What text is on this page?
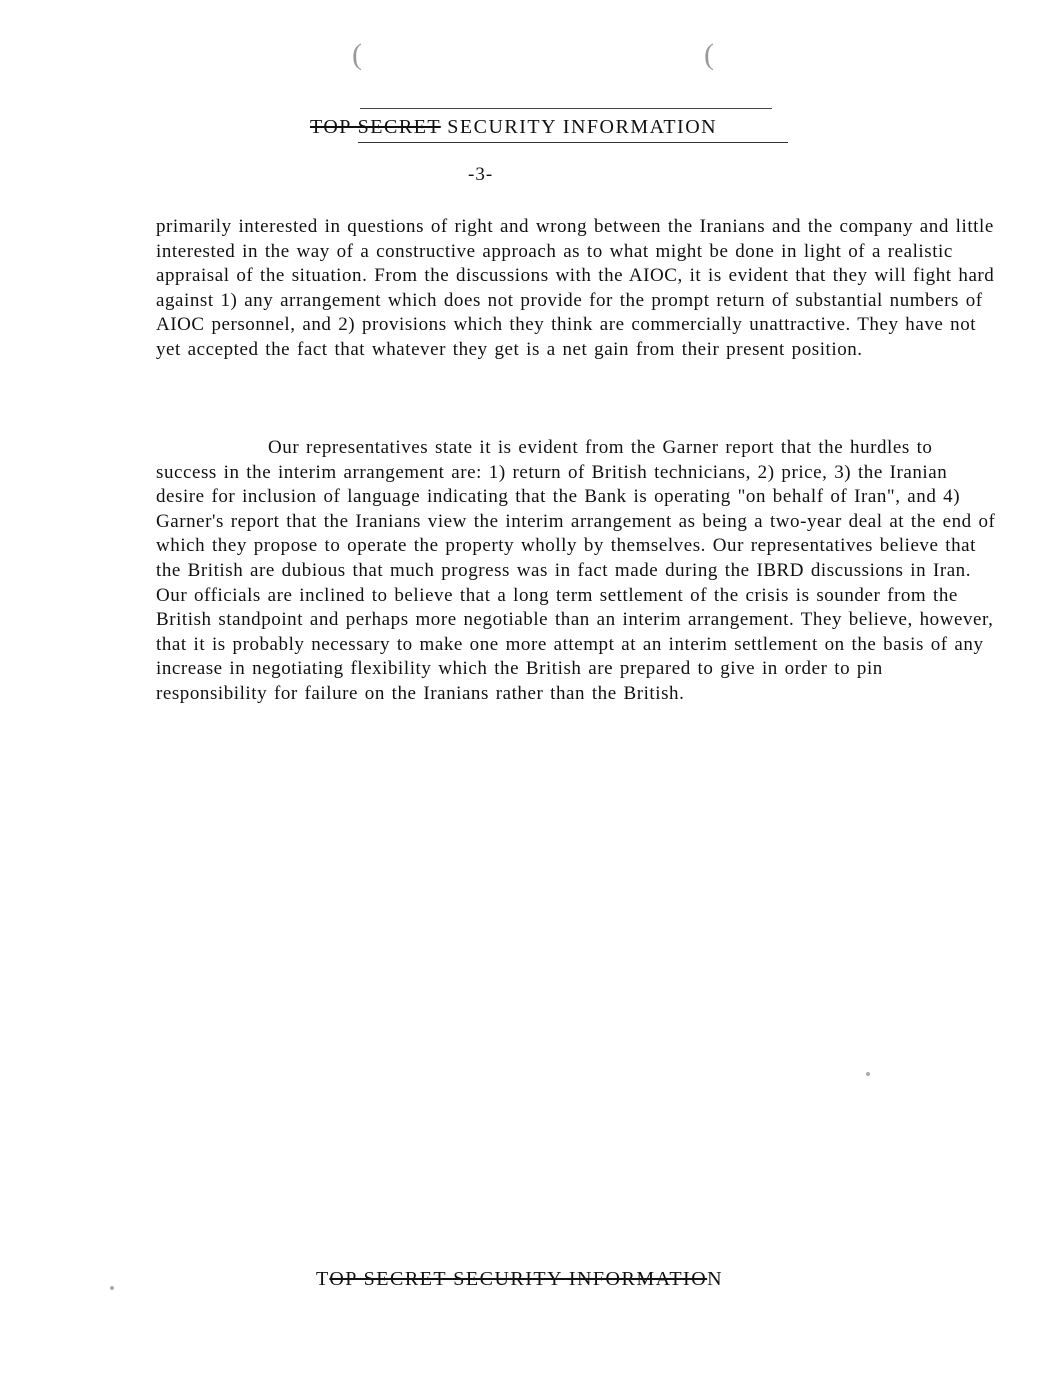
(	(
TOP SECRET SECURITY INFORMATION
-3-
primarily interested in questions of right and wrong between the Iranians and the company and little interested in the way of a constructive approach as to what might be done in light of a realistic appraisal of the situation. From the discussions with the AIOC, it is evident that they will fight hard against 1) any arrangement which does not provide for the prompt return of substantial numbers of AIOC personnel, and 2) provisions which they think are commercially unattractive. They have not yet accepted the fact that whatever they get is a net gain from their present position.
Our representatives state it is evident from the Garner report that the hurdles to success in the interim arrangement are: 1) return of British technicians, 2) price, 3) the Iranian desire for inclusion of language indicating that the Bank is operating "on behalf of Iran", and 4) Garner's report that the Iranians view the interim arrangement as being a two-year deal at the end of which they propose to operate the property wholly by themselves. Our representatives believe that the British are dubious that much progress was in fact made during the IBRD discussions in Iran. Our officials are inclined to believe that a long term settlement of the crisis is sounder from the British standpoint and perhaps more negotiable than an interim arrangement. They believe, however, that it is probably necessary to make one more attempt at an interim settlement on the basis of any increase in negotiating flexibility which the British are prepared to give in order to pin responsibility for failure on the Iranians rather than the British.
TOP SECRET SECURITY INFORMATION
